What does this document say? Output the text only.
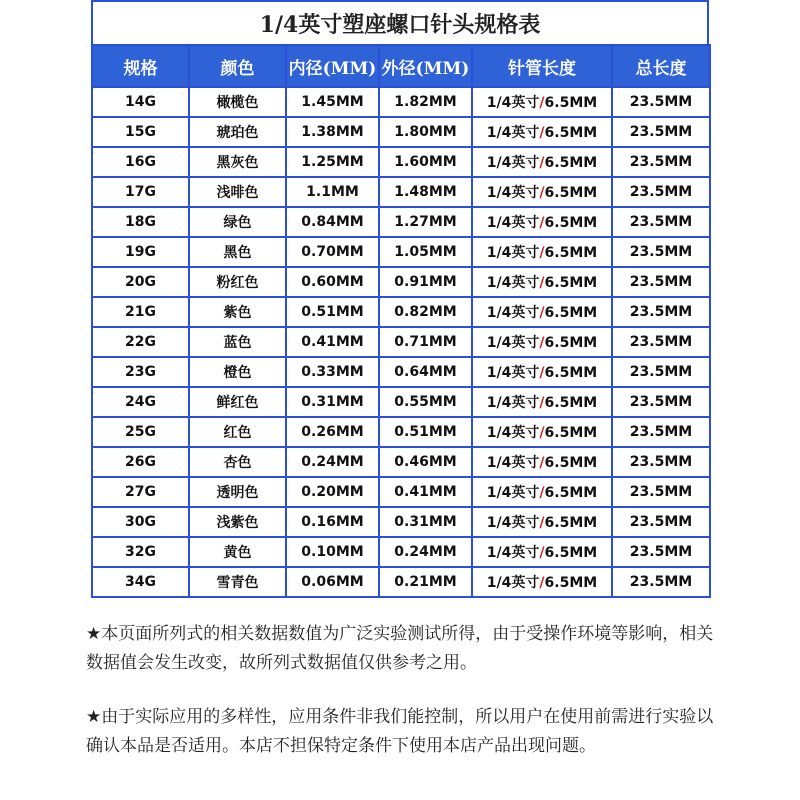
1/4英寸塑座螺口针头规格表
规格	颜色	内径(MM)	外径(MM)	针管长度	总长度
14G	橄榄色	1.45MM	1.82MM	1/4英寸/6.5MM	23.5MM
15G	琥珀色	1.38MM	1.80MM	1/4英寸/6.5MM	23.5MM
16G	黑灰色	1.25MM	1.60MM	1/4英寸/6.5MM	23.5MM
17G	浅啡色	1.1MM	1.48MM	1/4英寸/6.5MM	23.5MM
18G	绿色	0.84MM	1.27MM	1/4英寸/6.5MM	23.5MM
19G	黑色	0.70MM	1.05MM	1/4英寸/6.5MM	23.5MM
20G	粉红色	0.60MM	0.91MM	1/4英寸/6.5MM	23.5MM
21G	紫色	0.51MM	0.82MM	1/4英寸/6.5MM	23.5MM
22G	蓝色	0.41MM	0.71MM	1/4英寸/6.5MM	23.5MM
23G	橙色	0.33MM	0.64MM	1/4英寸/6.5MM	23.5MM
24G	鲜红色	0.31MM	0.55MM	1/4英寸/6.5MM	23.5MM
25G	红色	0.26MM	0.51MM	1/4英寸/6.5MM	23.5MM
26G	杏色	0.24MM	0.46MM	1/4英寸/6.5MM	23.5MM
27G	透明色	0.20MM	0.41MM	1/4英寸/6.5MM	23.5MM
30G	浅紫色	0.16MM	0.31MM	1/4英寸/6.5MM	23.5MM
32G	黄色	0.10MM	0.24MM	1/4英寸/6.5MM	23.5MM
34G	雪青色	0.06MM	0.21MM	1/4英寸/6.5MM	23.5MM
★本页面所列式的相关数据数值为广泛实验测试所得，由于受操作环境等影响，相关数据值会发生改变，故所列式数据值仅供参考之用。
★由于实际应用的多样性，应用条件非我们能控制，所以用户在使用前需进行实验以确认本品是否适用。本店不担保特定条件下使用本店产品出现问题。
